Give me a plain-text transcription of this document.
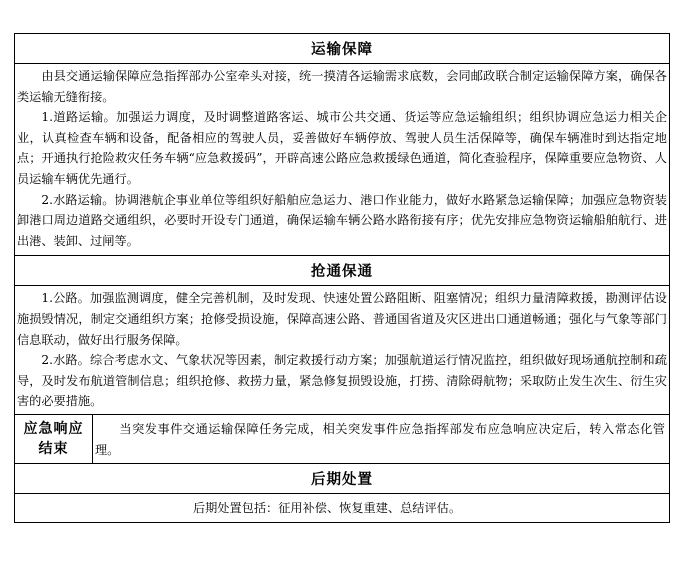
运输保障

由县交通运输保障应急指挥部办公室牵头对接，统一摸清各运输需求底数，会同邮政联合制定运输保障方案，确保各类运输无缝衔接。

1.道路运输。加强运力调度，及时调整道路客运、城市公共交通、货运等应急运输组织；组织协调应急运力相关企业，认真检查车辆和设备，配备相应的驾驶人员，妥善做好车辆停放、驾驶人员生活保障等，确保车辆准时到达指定地点；开通执行抢险救灾任务车辆“应急救援码”，开辟高速公路应急救援绿色通道，简化查验程序，保障重要应急物资、人员运输车辆优先通行。

2.水路运输。协调港航企事业单位等组织好船舶应急运力、港口作业能力，做好水路紧急运输保障；加强应急物资装卸港口周边道路交通组织，必要时开设专门通道，确保运输车辆公路水路衔接有序；优先安排应急物资运输船舶航行、进出港、装卸、过闸等。

抢通保通

1.公路。加强监测调度，健全完善机制，及时发现、快速处置公路阻断、阻塞情况；组织力量清障救援，勘测评估设施损毁情况，制定交通组织方案；抢修受损设施，保障高速公路、普通国省道及灾区进出口通道畅通；强化与气象等部门信息联动，做好出行服务保障。

2.水路。综合考虑水文、气象状况等因素，制定救援行动方案；加强航道运行情况监控，组织做好现场通航控制和疏导，及时发布航道管制信息；组织抢修、救捞力量，紧急修复损毁设施，打捞、清除碍航物；采取防止发生次生、衍生灾害的必要措施。

应急响应结束

当突发事件交通运输保障任务完成，相关突发事件应急指挥部发布应急响应决定后，转入常态化管理。

后期处置
后期处置包括：征用补偿、恢复重建、总结评估。
